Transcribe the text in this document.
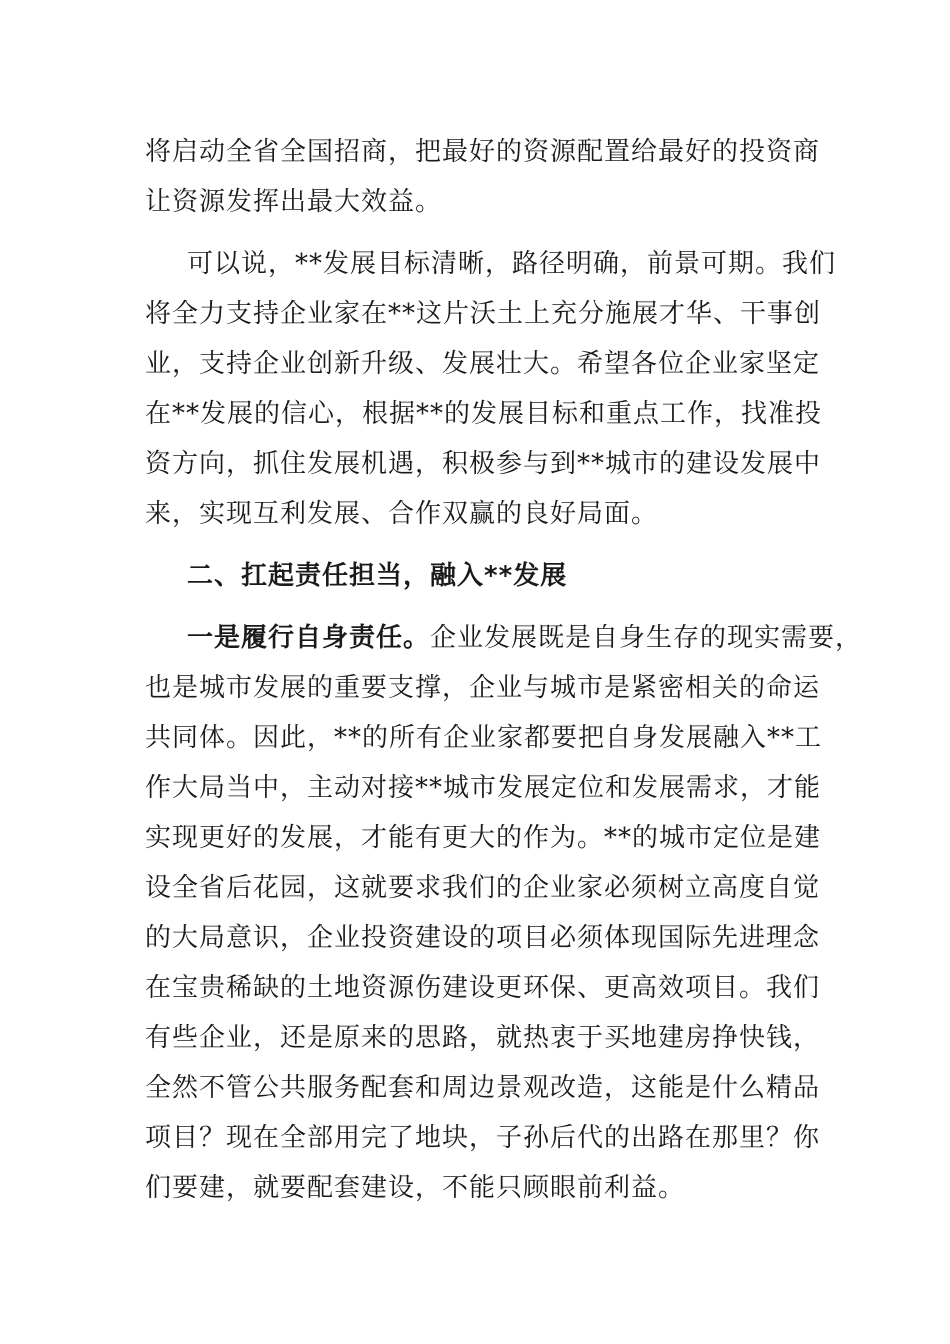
将启动全省全国招商，把最好的资源配置给最好的投资商
让资源发挥出最大效益。
可以说，**发展目标清晰，路径明确，前景可期。我们
将全力支持企业家在**这片沃土上充分施展才华、干事创
业，支持企业创新升级、发展壮大。希望各位企业家坚定
在**发展的信心，根据**的发展目标和重点工作，找准投
资方向，抓住发展机遇，积极参与到**城市的建设发展中
来，实现互利发展、合作双赢的良好局面。
二、扛起责任担当，融入**发展
一是履行自身责任。 企业发展既是自身生存的现实需要，
也是城市发展的重要支撑，企业与城市是紧密相关的命运
共同体。因此，**的所有企业家都要把自身发展融入**工
作大局当中，主动对接**城市发展定位和发展需求，才能
实现更好的发展，才能有更大的作为。**的城市定位是建
设全省后花园，这就要求我们的企业家必须树立高度自觉
的大局意识，企业投资建设的项目必须体现国际先进理念
在宝贵稀缺的土地资源伤建设更环保、更高效项目。我们
有些企业，还是原来的思路，就热衷于买地建房挣快钱，
全然不管公共服务配套和周边景观改造，这能是什么精品
项目？现在全部用完了地块，子孙后代的出路在那里？你
们要建，就要配套建设，不能只顾眼前利益。
